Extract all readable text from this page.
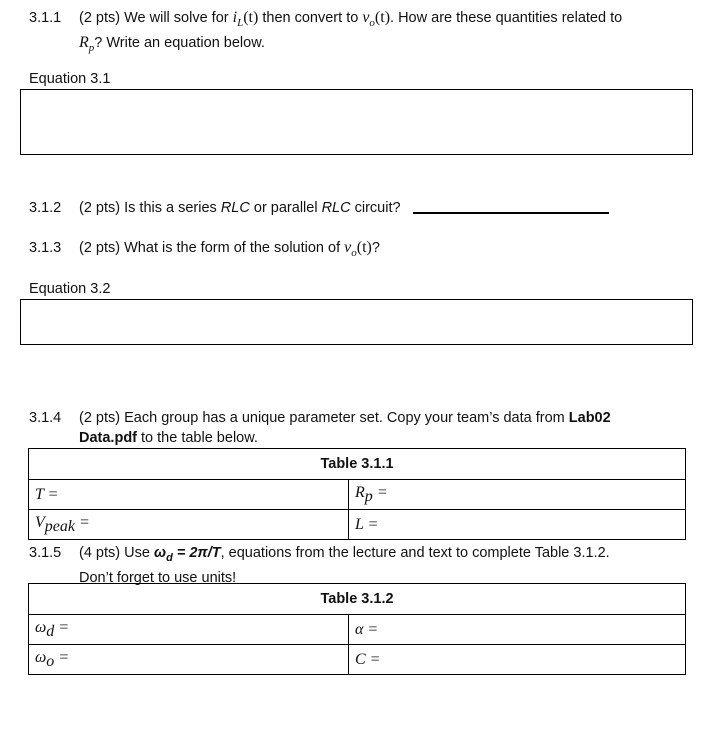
3.1.1 (2 pts) We will solve for $i_L(t)$ then convert to $v_o(t)$. How are these quantities related to
$R_p$? Write an equation below.
Equation 3.1
3.1.2 (2 pts) Is this a series RLC or parallel RLC circuit?
3.1.3 (2 pts) What is the form of the solution of $v_o(t)$?
Equation 3.2
3.1.4 (2 pts) Each group has a unique parameter set. Copy your team’s data from Lab02
Data.pdf to the table below.
Table 3.1.1	
T =	$R_p$ =
$V_{peak}$ =	L =
3.1.5 (4 pts) Use $\omega_d = 2\pi/T$, equations from the lecture and text to complete Table 3.1.2.
Don’t forget to use units!
Table 3.1.2	
$\omega_d$ =	α =
$\omega_o$ =	C =
